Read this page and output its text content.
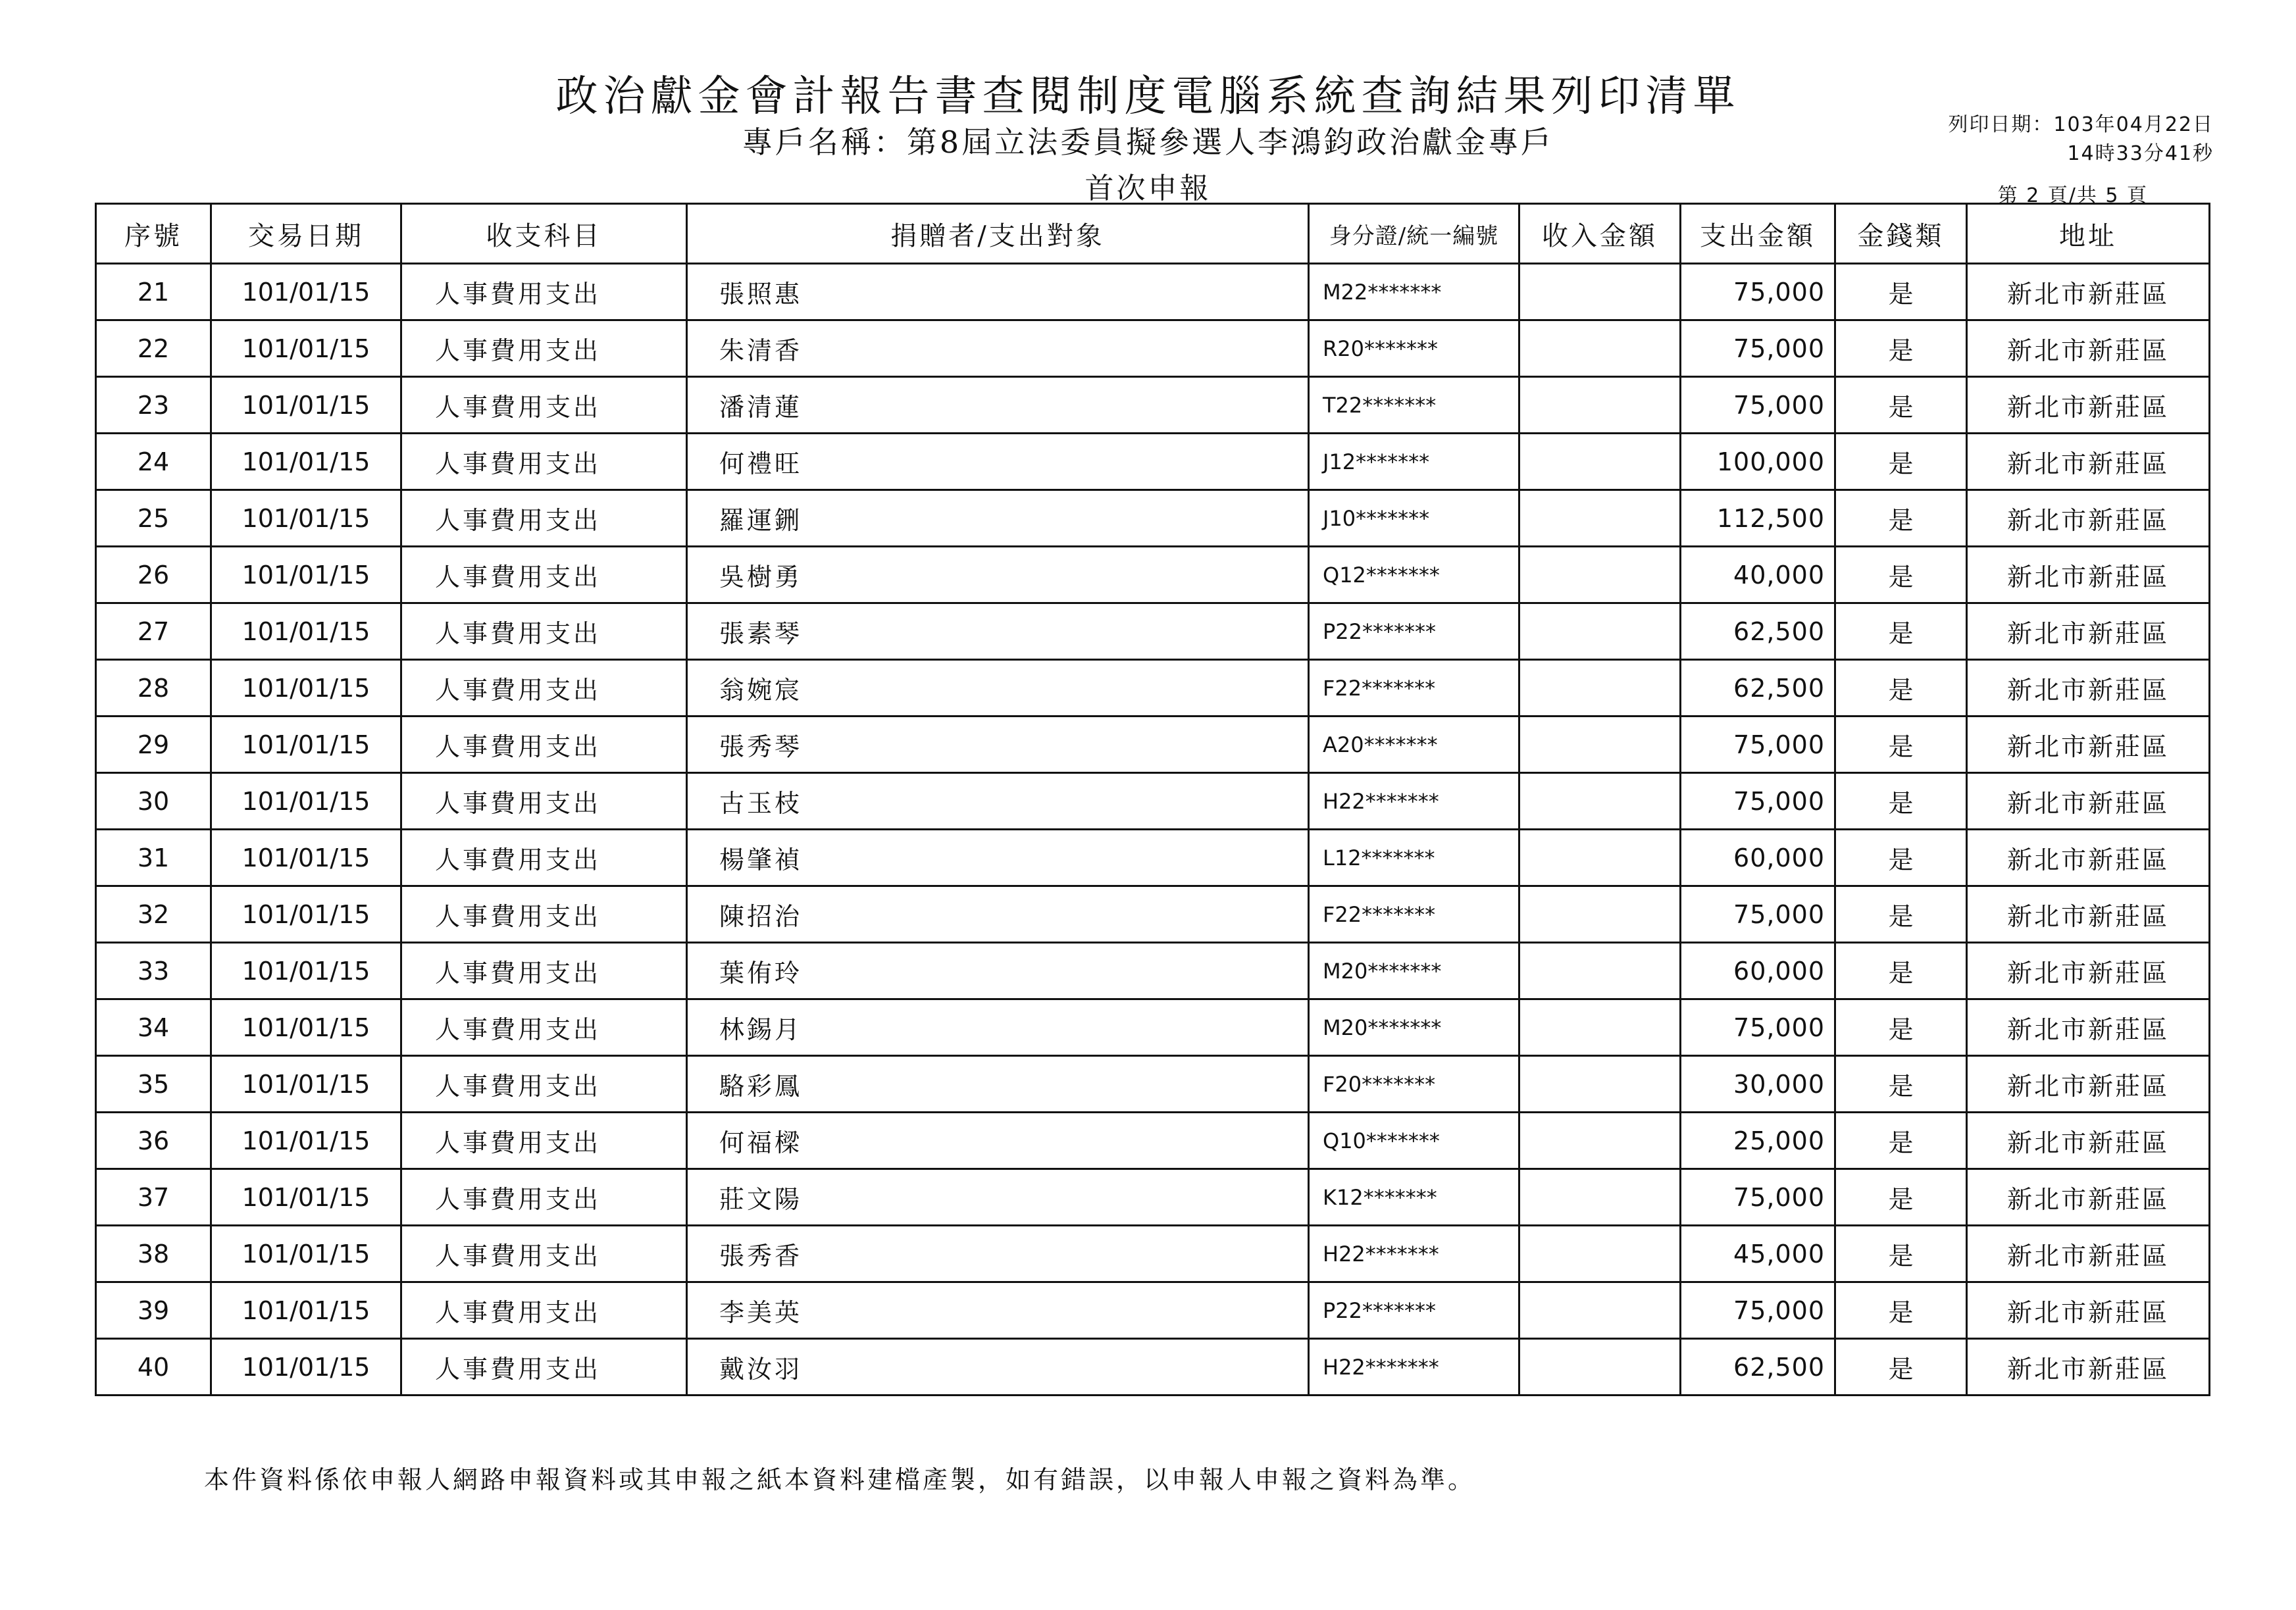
政治獻金會計報告書查閱制度電腦系統查詢結果列印清單
專戶名稱：第8屆立法委員擬參選人李鴻鈞政治獻金專戶
首次申報
列印日期：103年04月22日
14時33分41秒
第 2 頁/共 5 頁
序號	交易日期	收支科目	捐贈者/支出對象	身分證/統一編號	收入金額	支出金額	金錢類	地址
21	101/01/15	人事費用支出	張照惠	M22*******		75,000	是	新北市新莊區
22	101/01/15	人事費用支出	朱清香	R20*******		75,000	是	新北市新莊區
23	101/01/15	人事費用支出	潘清蓮	T22*******		75,000	是	新北市新莊區
24	101/01/15	人事費用支出	何禮旺	J12*******		100,000	是	新北市新莊區
25	101/01/15	人事費用支出	羅運鉶	J10*******		112,500	是	新北市新莊區
26	101/01/15	人事費用支出	吳樹勇	Q12*******		40,000	是	新北市新莊區
27	101/01/15	人事費用支出	張素琴	P22*******		62,500	是	新北市新莊區
28	101/01/15	人事費用支出	翁婉宸	F22*******		62,500	是	新北市新莊區
29	101/01/15	人事費用支出	張秀琴	A20*******		75,000	是	新北市新莊區
30	101/01/15	人事費用支出	古玉枝	H22*******		75,000	是	新北市新莊區
31	101/01/15	人事費用支出	楊肇禎	L12*******		60,000	是	新北市新莊區
32	101/01/15	人事費用支出	陳招治	F22*******		75,000	是	新北市新莊區
33	101/01/15	人事費用支出	葉侑玲	M20*******		60,000	是	新北市新莊區
34	101/01/15	人事費用支出	林錫月	M20*******		75,000	是	新北市新莊區
35	101/01/15	人事費用支出	駱彩鳳	F20*******		30,000	是	新北市新莊區
36	101/01/15	人事費用支出	何福樑	Q10*******		25,000	是	新北市新莊區
37	101/01/15	人事費用支出	莊文陽	K12*******		75,000	是	新北市新莊區
38	101/01/15	人事費用支出	張秀香	H22*******		45,000	是	新北市新莊區
39	101/01/15	人事費用支出	李美英	P22*******		75,000	是	新北市新莊區
40	101/01/15	人事費用支出	戴汝羽	H22*******		62,500	是	新北市新莊區
本件資料係依申報人網路申報資料或其申報之紙本資料建檔產製，如有錯誤，以申報人申報之資料為準。
